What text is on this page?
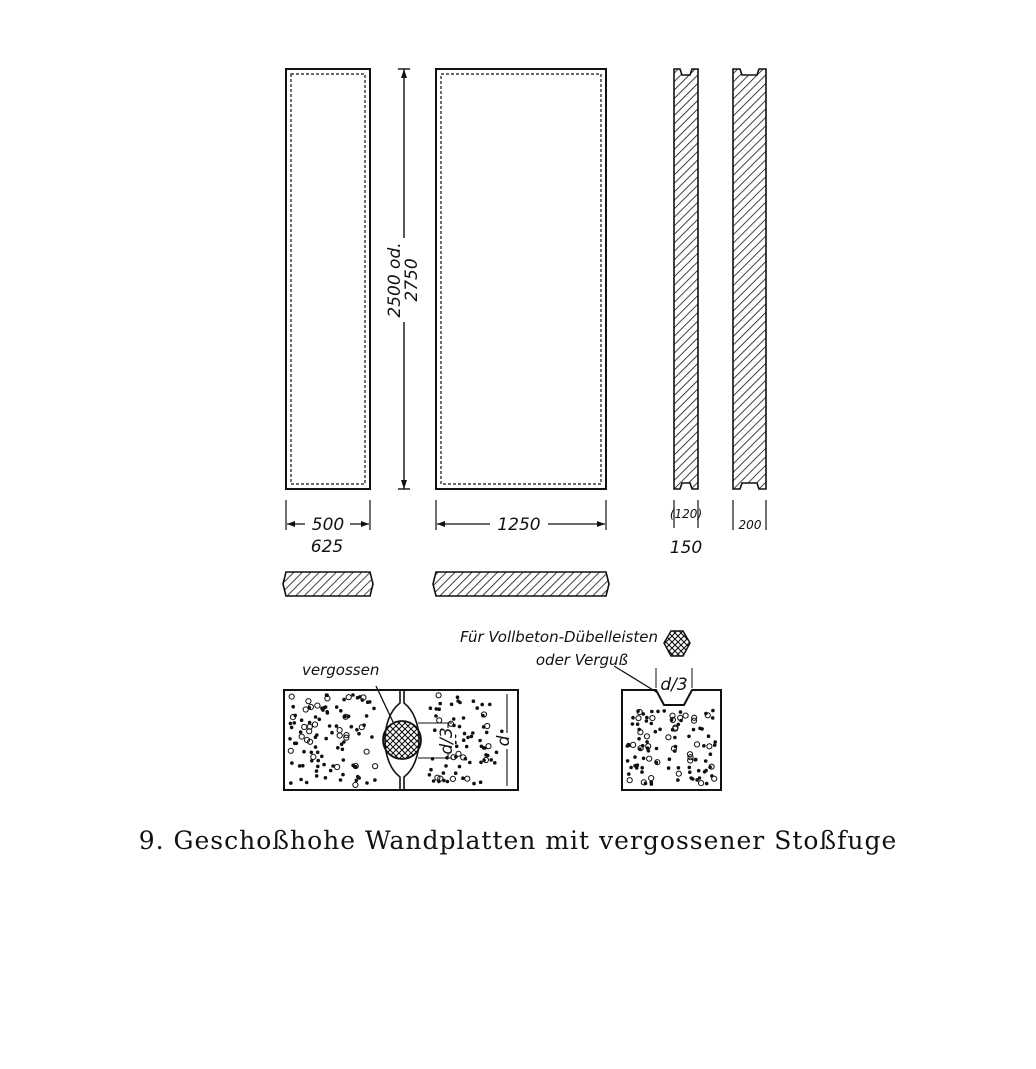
2500 od.
2750
500
625
1250
(120)
150
200
vergossen
d/3 d
Für Vollbeton-Dübelleisten
oder Verguß
d/3
9. Geschoßhohe Wandplatten mit vergossener Stoßfuge
